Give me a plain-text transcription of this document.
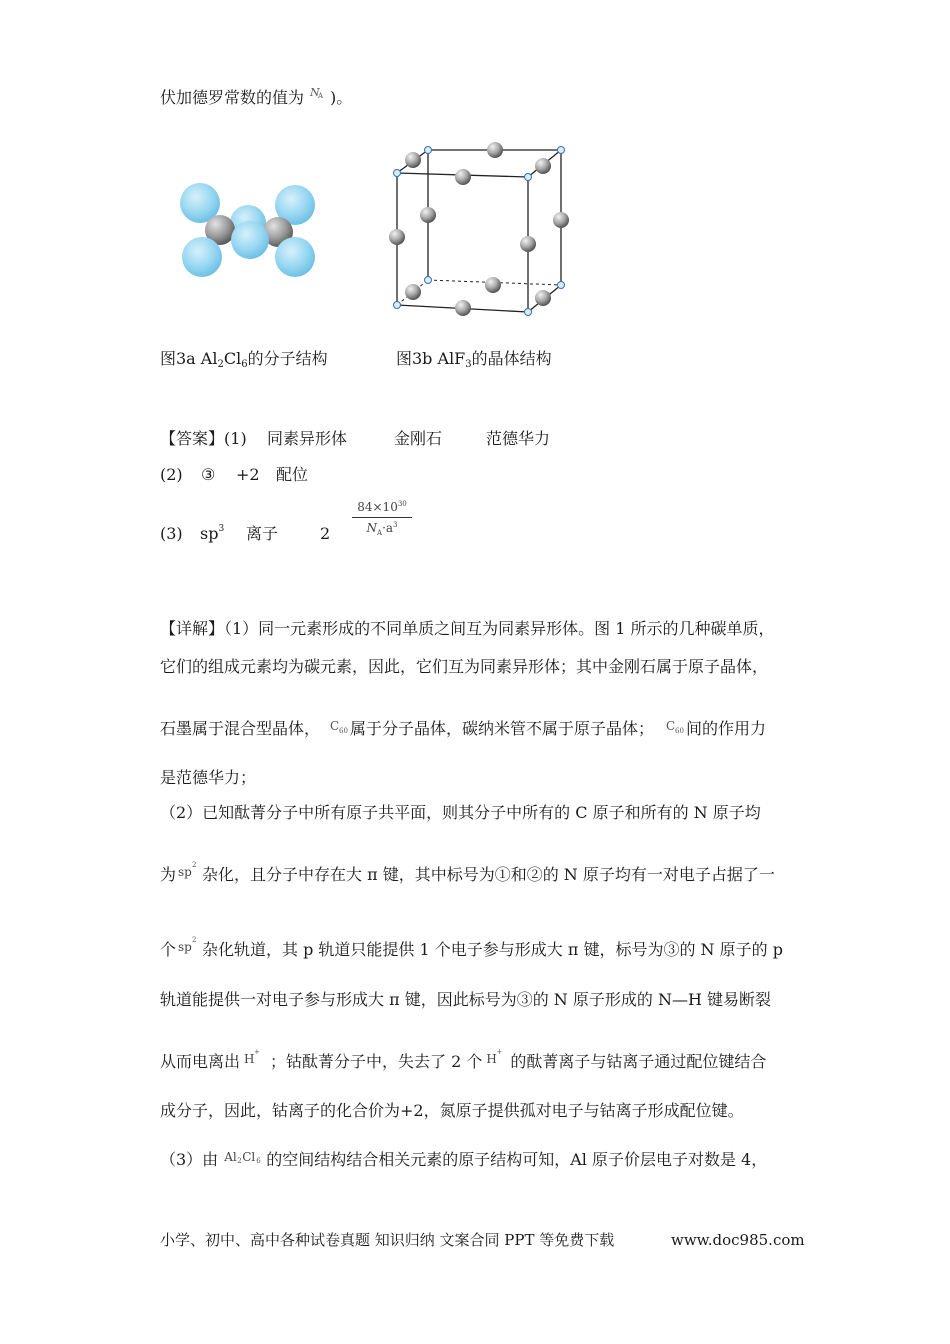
伏加德罗常数的值为 N
A )。
图3a Al2Cl6的分子结构	图3b AlF3的晶体结构
【答案】(1) 同素异形体	金刚石	范德华力
(2) ③ +2 配位
(3) $sp^3$ 离子	2
$84\times 10^{30}$
$N_A\cdot a^3$
【详解】（1）同一元素形成的不同单质之间互为同素异形体。图 1 所示的几种碳单质，
它们的组成元素均为碳元素，因此，它们互为同素异形体；其中金刚石属于原子晶体，
石墨属于混合型晶体， C 60 属于分子晶体，碳纳米管不属于原子晶体； C 60 间的作用力
是范德华力；
（2）已知酞菁分子中所有原子共平面，则其分子中所有的 C 原子和所有的 N 原子均
为 sp 2 杂化，且分子中存在大 π 键，其中标号为①和②的 N 原子均有一对电子占据了一
个 sp 2 杂化轨道，其 p 轨道只能提供 1 个电子参与形成大 π 键，标号为③的 N 原子的 p
轨道能提供一对电子参与形成大 π 键，因此标号为③的 N 原子形成的 N—H 键易断裂
从而电离出 H + ；钴酞菁分子中，失去了 2 个 H + 的酞菁离子与钴离子通过配位键结合
成分子，因此，钴离子的化合价为+2，氮原子提供孤对电子与钴离子形成配位键。
（3）由 Al 2 Cl 6 的空间结构结合相关元素的原子结构可知，Al 原子价层电子对数是 4，
小学、初中、高中各种试卷真题 知识归纳 文案合同 PPT 等免费下载	www.doc985.com
